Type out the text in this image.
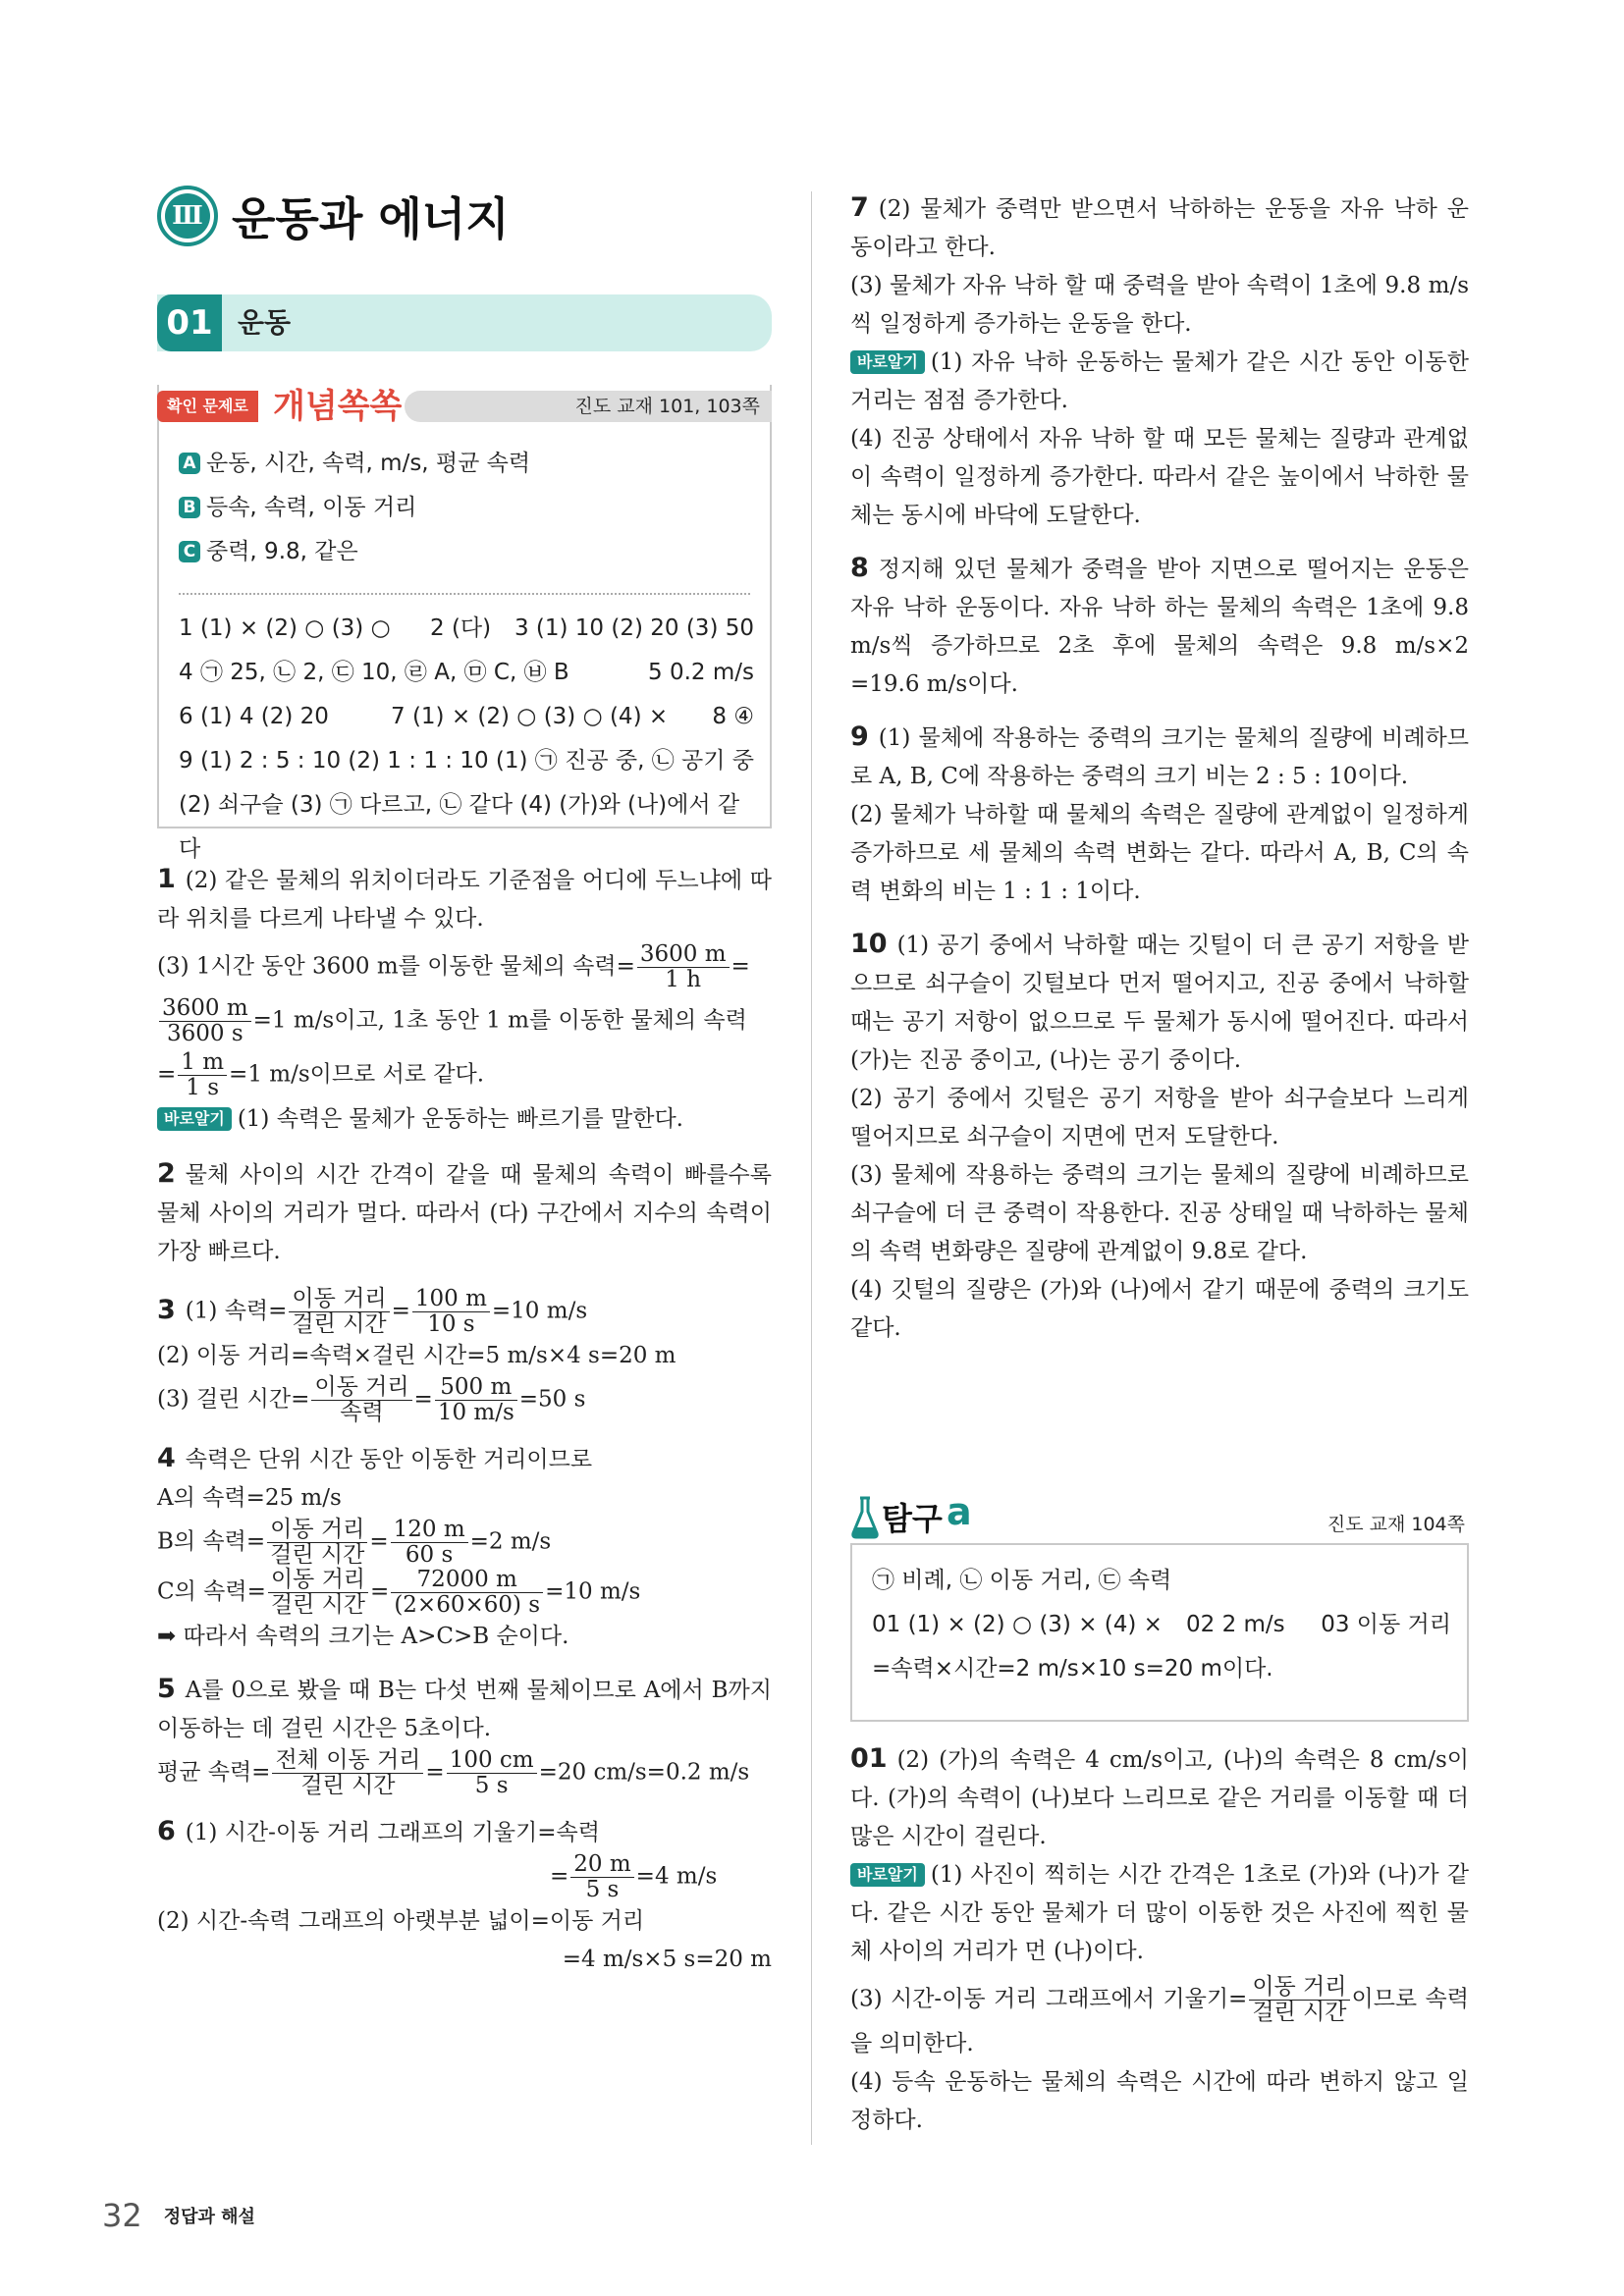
Ⅲ 운동과 에너지
01 운동
확인 문제로 개념쏙쏙	진도 교재 101, 103쪽
A 운동, 시간, 속력, m/s, 평균 속력
B 등속, 속력, 이동 거리
C 중력, 9.8, 같은
1 (1) × (2) ○ (3) ○ 2 (다) 3 (1) 10 (2) 20 (3) 50
4 ㉠ 25, ㉡ 2, ㉢ 10, ㉣ A, ㉤ C, ㉥ B	5 0.2 m/s
6 (1) 4 (2) 20	7 (1) × (2) ○ (3) ○ (4) × 8 ④
9 (1) 2 : 5 : 10 (2) 1 : 1 : 1
10 (1) ㉠ 진공 중, ㉡ 공기 중
(2) 쇠구슬 (3) ㉠ 다르고, ㉡ 같다 (4) (가)와 (나)에서 같다

1 (2) 같은 물체의 위치이더라도 기준점을 어디에 두느냐에 따라 위치를 다르게 나타낼 수 있다.

(3) 1시간 동안 3600 m를 이동한 물체의 속력= $\frac{3600 m}{1 h}$ =

$\frac{3600 m}{3600 s} =1$ m/s이고, 1초 동안 1 m를 이동한 물체의 속력

= $\frac{1 m}{1 s} =1$ m/s이므로 서로 같다.

바로알기 (1) 속력은 물체가 운동하는 빠르기를 말한다.

2 물체 사이의 시간 간격이 같을 때 물체의 속력이 빠를수록 물체 사이의 거리가 멀다. 따라서 (다) 구간에서 지수의 속력이 가장 빠르다.

3 (1) 속력= $\frac{\text{이동 거리}}{\text{걸린 시간}} = \frac{100 m}{10 s} =10$ m/s

(2) 이동 거리=속력×걸린 시간=5 m/s×4 s=20 m

(3) 걸린 시간= $\frac{\text{이동 거리}}{\text{속력}} = \frac{500 m}{10 m/s} =50$ s

4 속력은 단위 시간 동안 이동한 거리이므로

A의 속력=25 m/s

B의 속력= $\frac{\text{이동 거리}}{\text{걸린 시간}} = \frac{120 m}{60 s} =2$ m/s

C의 속력= $\frac{\text{이동 거리}}{\text{걸린 시간}} = \frac{72000 m}{(2\times 60\times 60) s} =10$ m/s

➡ 따라서 속력의 크기는 A>C>B 순이다.

5 A를 0으로 봤을 때 B는 다섯 번째 물체이므로 A에서 B까지 이동하는 데 걸린 시간은 5초이다.

평균 속력= $\frac{\text{전체 이동 거리}}{\text{걸린 시간}} = \frac{100 cm}{5 s} =20$ cm/s=0.2 m/s

6 (1) 시간-이동 거리 그래프의 기울기=속력

= $\frac{20 m}{5 s} =4$ m/s

(2) 시간-속력 그래프의 아랫부분 넓이=이동 거리

=4 m/s×5 s=20 m

7 (2) 물체가 중력만 받으면서 낙하하는 운동을 자유 낙하 운동이라고 한다.

(3) 물체가 자유 낙하 할 때 중력을 받아 속력이 1초에 9.8 m/s씩 일정하게 증가하는 운동을 한다.

바로알기 (1) 자유 낙하 운동하는 물체가 같은 시간 동안 이동한 거리는 점점 증가한다.

(4) 진공 상태에서 자유 낙하 할 때 모든 물체는 질량과 관계없이 속력이 일정하게 증가한다. 따라서 같은 높이에서 낙하한 물체는 동시에 바닥에 도달한다.

8 정지해 있던 물체가 중력을 받아 지면으로 떨어지는 운동은 자유 낙하 운동이다. 자유 낙하 하는 물체의 속력은 1초에 9.8 m/s씩 증가하므로 2초 후에 물체의 속력은 9.8 m/s×2 =19.6 m/s이다.

9 (1) 물체에 작용하는 중력의 크기는 물체의 질량에 비례하므로 A, B, C에 작용하는 중력의 크기 비는 2 : 5 : 10이다.

(2) 물체가 낙하할 때 물체의 속력은 질량에 관계없이 일정하게 증가하므로 세 물체의 속력 변화는 같다. 따라서 A, B, C의 속력 변화의 비는 1 : 1 : 1이다.

10 (1) 공기 중에서 낙하할 때는 깃털이 더 큰 공기 저항을 받으므로 쇠구슬이 깃털보다 먼저 떨어지고, 진공 중에서 낙하할 때는 공기 저항이 없으므로 두 물체가 동시에 떨어진다. 따라서 (가)는 진공 중이고, (나)는 공기 중이다.

(2) 공기 중에서 깃털은 공기 저항을 받아 쇠구슬보다 느리게 떨어지므로 쇠구슬이 지면에 먼저 도달한다.

(3) 물체에 작용하는 중력의 크기는 물체의 질량에 비례하므로 쇠구슬에 더 큰 중력이 작용한다. 진공 상태일 때 낙하하는 물체의 속력 변화량은 질량에 관계없이 9.8로 같다.

(4) 깃털의 질량은 (가)와 (나)에서 같기 때문에 중력의 크기도 같다.

탐구 a	진도 교재 104쪽
㉠ 비례, ㉡ 이동 거리, ㉢ 속력
01 (1) × (2) ○ (3) × (4) × 02 2 m/s 03 이동 거리
=속력×시간=2 m/s×10 s=20 m이다.

01 (2) (가)의 속력은 4 cm/s이고, (나)의 속력은 8 cm/s이다. (가)의 속력이 (나)보다 느리므로 같은 거리를 이동할 때 더 많은 시간이 걸린다.

바로알기 (1) 사진이 찍히는 시간 간격은 1초로 (가)와 (나)가 같다. 같은 시간 동안 물체가 더 많이 이동한 것은 사진에 찍힌 물체 사이의 거리가 먼 (나)이다.

(3) 시간-이동 거리 그래프에서 기울기= $\frac{\text{이동 거리}}{\text{걸린 시간}}$ 이므로 속력을 의미한다.

(4) 등속 운동하는 물체의 속력은 시간에 따라 변하지 않고 일정하다.

32 정답과 해설
